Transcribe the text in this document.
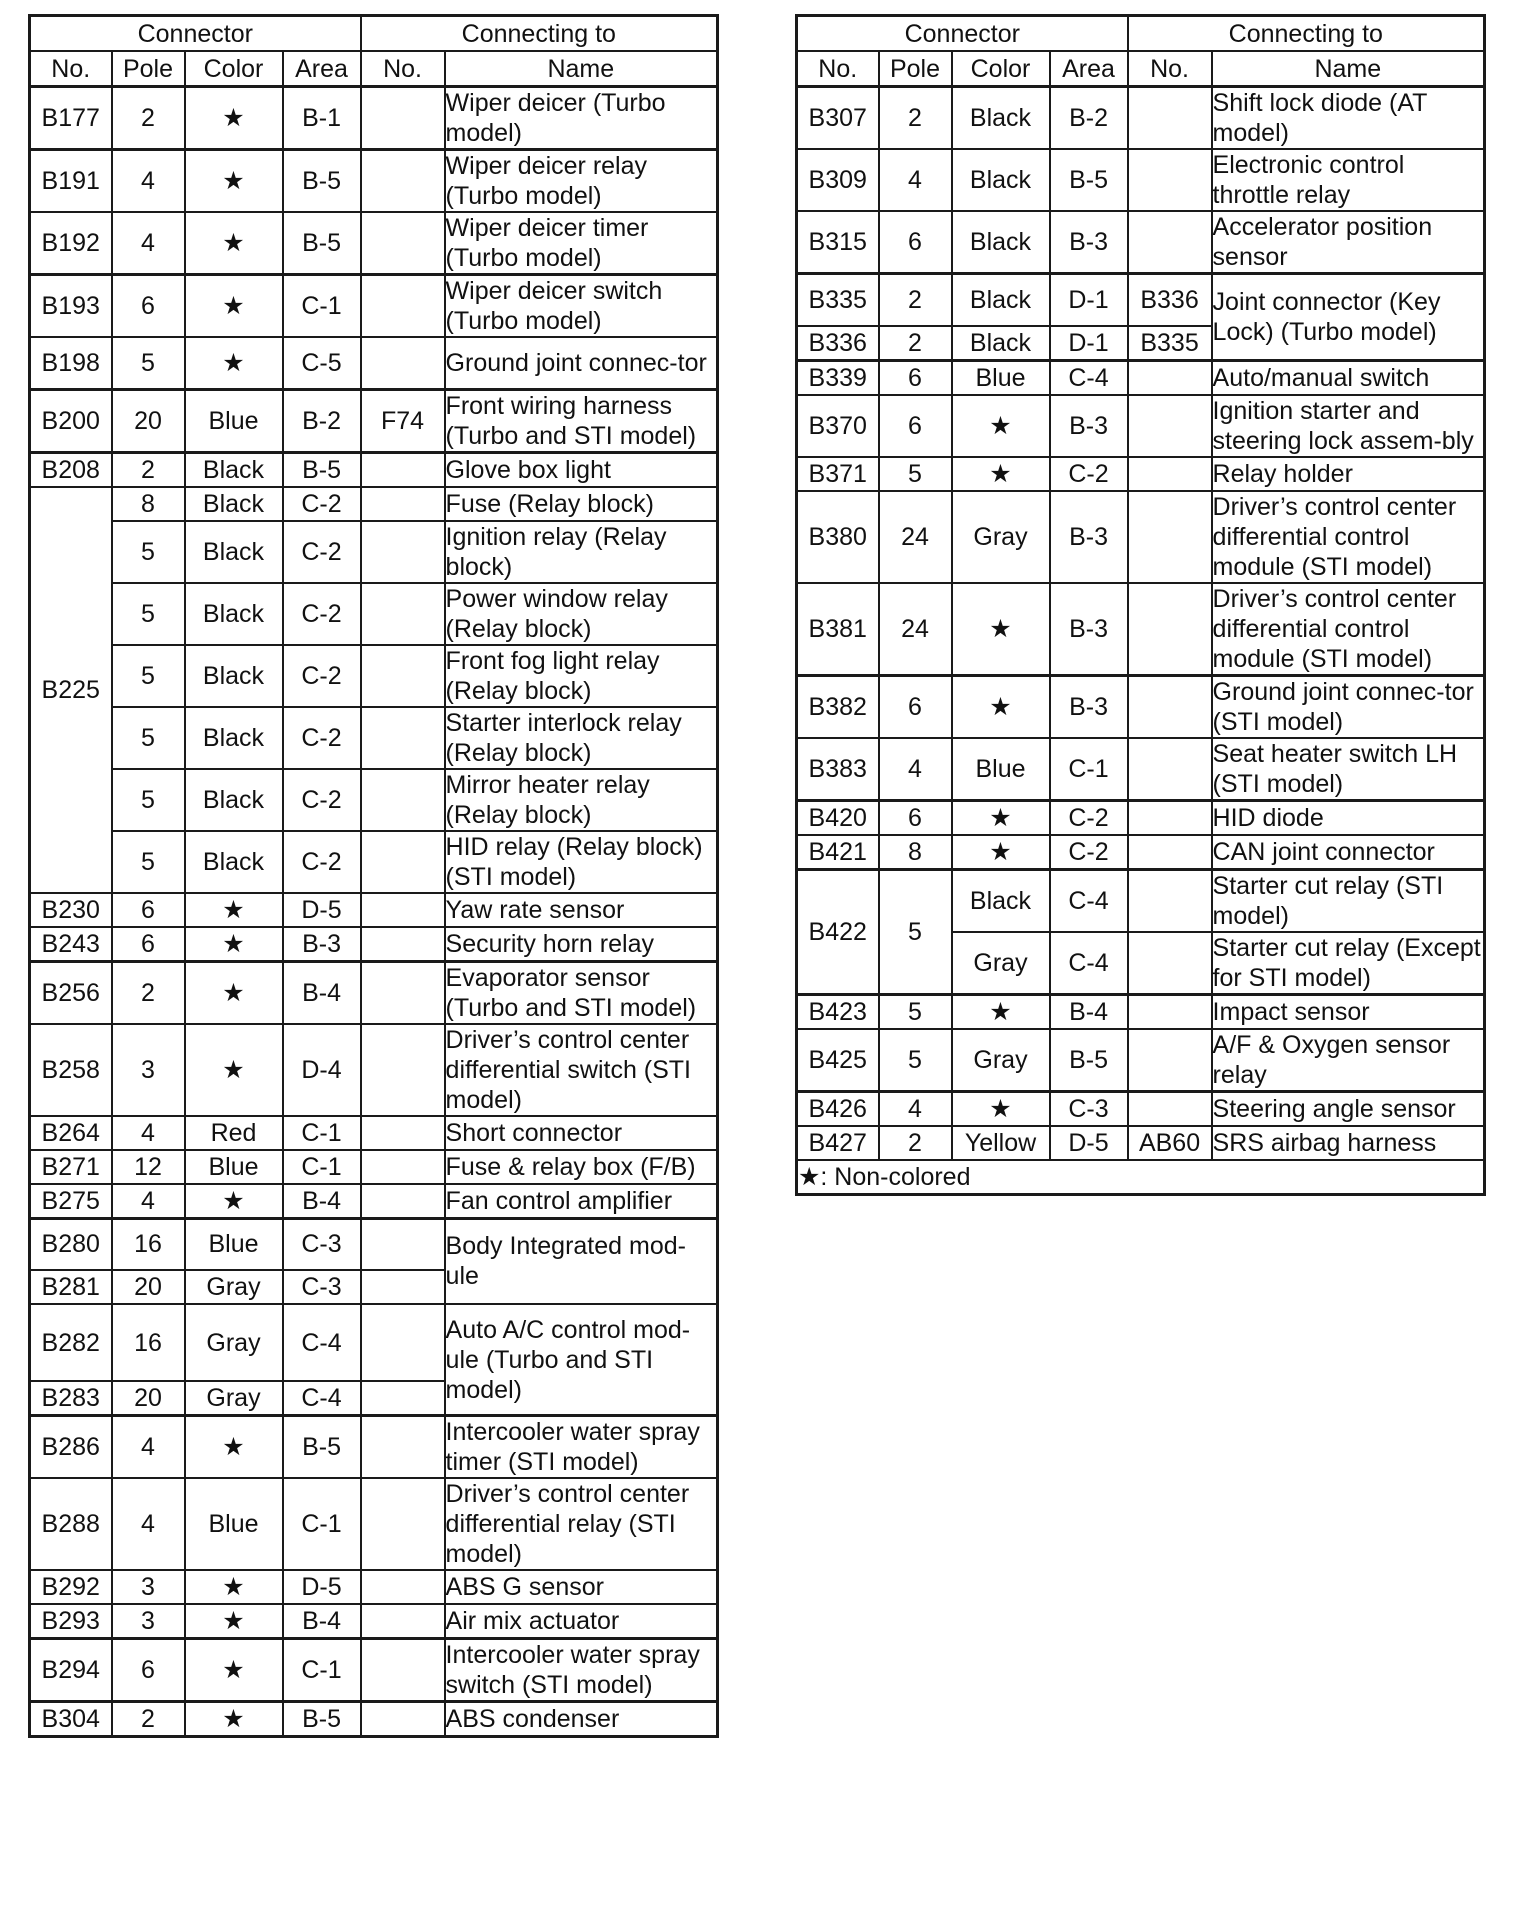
Connector				Connecting to	
No.	Pole	Color	Area	No.	Name
B177	2	★	B-1		Wiper deicer (Turbo model)
B191	4	★	B-5		Wiper deicer relay (Turbo model)
B192	4	★	B-5		Wiper deicer timer (Turbo model)
B193	6	★	C-1		Wiper deicer switch (Turbo model)
B198	5	★	C-5		Ground joint connec-tor
B200	20	Blue	B-2	F74	Front wiring harness (Turbo and STI model)
B208	2	Black	B-5		Glove box light
B225	8	Black	C-2		Fuse (Relay block)
	5	Black	C-2		Ignition relay (Relay block)
	5	Black	C-2		Power window relay (Relay block)
	5	Black	C-2		Front fog light relay (Relay block)
	5	Black	C-2		Starter interlock relay (Relay block)
	5	Black	C-2		Mirror heater relay (Relay block)
	5	Black	C-2		HID relay (Relay block) (STI model)
B230	6	★	D-5		Yaw rate sensor
B243	6	★	B-3		Security horn relay
B256	2	★	B-4		Evaporator sensor (Turbo and STI model)
B258	3	★	D-4		Driver’s control center differential switch (STI model)
B264	4	Red	C-1		Short connector
B271	12	Blue	C-1		Fuse & relay box (F/B)
B275	4	★	B-4		Fan control amplifier
B280	16	Blue	C-3		Body Integrated mod-ule
B281	20	Gray	C-3		
B282	16	Gray	C-4		Auto A/C control mod-ule (Turbo and STI model)
B283	20	Gray	C-4		
B286	4	★	B-5		Intercooler water spray timer (STI model)
B288	4	Blue	C-1		Driver’s control center differential relay (STI model)
B292	3	★	D-5		ABS G sensor
B293	3	★	B-4		Air mix actuator
B294	6	★	C-1		Intercooler water spray switch (STI model)
B304	2	★	B-5		ABS condenser
Connector				Connecting to	
No.	Pole	Color	Area	No.	Name
B307	2	Black	B-2		Shift lock diode (AT model)
B309	4	Black	B-5		Electronic control throttle relay
B315	6	Black	B-3		Accelerator position sensor
B335	2	Black	D-1	B336	Joint connector (Key Lock) (Turbo model)
B336	2	Black	D-1	B335	
B339	6	Blue	C-4		Auto/manual switch
B370	6	★	B-3		Ignition starter and steering lock assem-bly
B371	5	★	C-2		Relay holder
B380	24	Gray	B-3		Driver’s control center differential control module (STI model)
B381	24	★	B-3		Driver’s control center differential control module (STI model)
B382	6	★	B-3		Ground joint connec-tor (STI model)
B383	4	Blue	C-1		Seat heater switch LH (STI model)
B420	6	★	C-2		HID diode
B421	8	★	C-2		CAN joint connector
B422	5	Black	C-4		Starter cut relay (STI model)
		Gray	C-4		Starter cut relay (Except for STI model)
B423	5	★	B-4		Impact sensor
B425	5	Gray	B-5		A/F & Oxygen sensor relay
B426	4	★	C-3		Steering angle sensor
B427	2	Yellow	D-5	AB60	SRS airbag harness
★: Non-colored					
